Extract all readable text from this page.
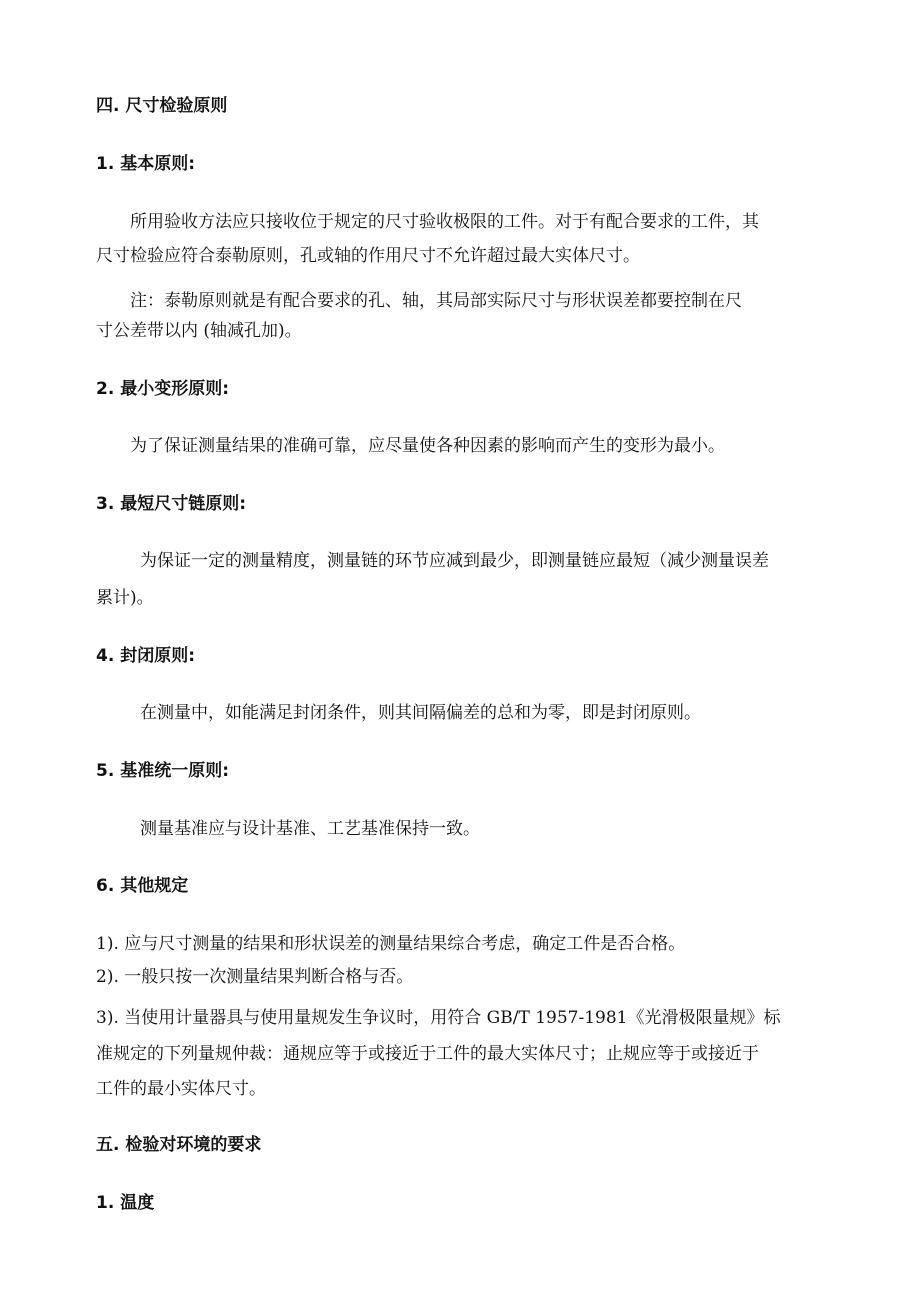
四. 尺寸检验原则
1. 基本原则:
所用验收方法应只接收位于规定的尺寸验收极限的工件。对于有配合要求的工件，其
尺寸检验应符合泰勒原则，孔或轴的作用尺寸不允许超过最大实体尺寸。
注：泰勒原则就是有配合要求的孔、轴，其局部实际尺寸与形状误差都要控制在尺
寸公差带以内 (轴减孔加)。
2. 最小变形原则:
为了保证测量结果的准确可靠，应尽量使各种因素的影响而产生的变形为最小。
3. 最短尺寸链原则:
为保证一定的测量精度，测量链的环节应减到最少，即测量链应最短（减少测量误差
累计)。
4. 封闭原则:
在测量中，如能满足封闭条件，则其间隔偏差的总和为零，即是封闭原则。
5. 基准统一原则:
测量基准应与设计基准、工艺基准保持一致。
6. 其他规定
1). 应与尺寸测量的结果和形状误差的测量结果综合考虑，确定工件是否合格。
2). 一般只按一次测量结果判断合格与否。
3). 当使用计量器具与使用量规发生争议时，用符合 GB/T 1957-1981《光滑极限量规》标
准规定的下列量规仲裁：通规应等于或接近于工件的最大实体尺寸；止规应等于或接近于
工件的最小实体尺寸。
五. 检验对环境的要求
1. 温度
